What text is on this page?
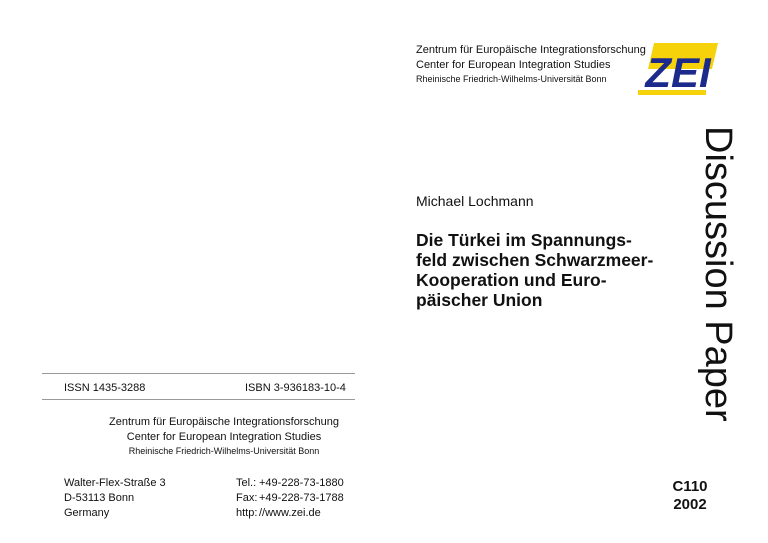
ISSN 1435-3288	ISBN 3-936183-10-4
Zentrum für Europäische Integrationsforschung
Center for European Integration Studies
Rheinische Friedrich-Wilhelms-Universität Bonn
Walter-Flex-Straße 3
D-53113 Bonn
Germany
Tel.: +49-228-73-1880
Fax: +49-228-73-1788
http: //www.zei.de
Zentrum für Europäische Integrationsforschung
Center for European Integration Studies
Rheinische Friedrich-Wilhelms-Universität Bonn ZEI
Michael Lochmann
Die Türkei im Spannungs-
feld zwischen Schwarzmeer-
Kooperation und Euro-
päischer Union	Discussion Paper
C110
2002
